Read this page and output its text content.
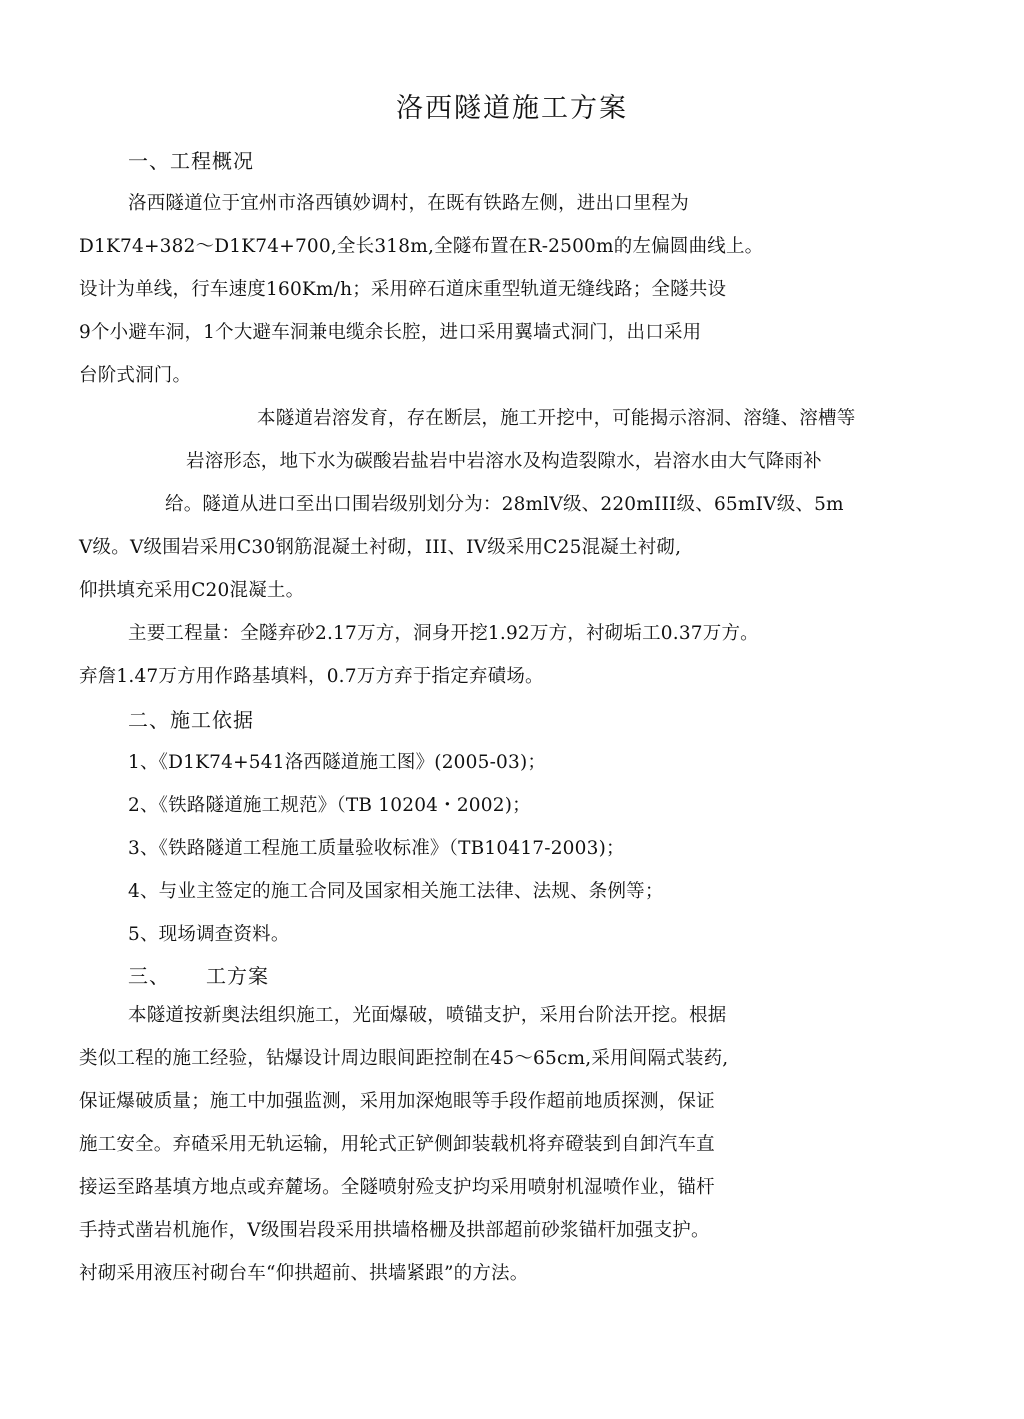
洛西隧道施工方案
一、工程概况
洛西隧道位于宜州市洛西镇妙调村，在既有铁路左侧，进出口里程为
D1K74+382～D1K74+700,全长318m,全隧布置在R-2500m的左偏圆曲线上。
设计为单线，行车速度160Km/h；采用碎石道床重型轨道无缝线路；全隧共设
9个小避车洞，1个大避车洞兼电缆余长腔，进口采用翼墙式洞门，出口采用
台阶式洞门。
本隧道岩溶发育，存在断层，施工开挖中，可能揭示溶洞、溶缝、溶槽等
岩溶形态，地下水为碳酸岩盐岩中岩溶水及构造裂隙水，岩溶水由大气降雨补
给。隧道从进口至出口围岩级别划分为：28mlⅤ级、220mIII级、65mIV级、5m
V级。V级围岩采用C30钢筋混凝土衬砌，III、IV级采用C25混凝土衬砌,
仰拱填充采用C20混凝土。
主要工程量：全隧弃砂2.17万方，洞身开挖1.92万方，衬砌垢工0.37万方。
弃詹1.47万方用作路基填料，0.7万方弃于指定弃磧场。
二、施工依据
1、《D1K74+541洛西隧道施工图》(2005-03)；
2、《铁路隧道施工规范》（TB 10204・2002)；
3、《铁路隧道工程施工质量验收标准》（TB10417-2003)；
4、与业主签定的施工合同及国家相关施工法律、法规、条例等；
5、现场调查资料。
三、 工方案
本隧道按新奥法组织施工，光面爆破，喷锚支护，采用台阶法开挖。根据
类似工程的施工经验，钻爆设计周边眼间距控制在45～65cm,采用间隔式装药,
保证爆破质量；施工中加强监测，采用加深炮眼等手段作超前地质探测，保证
施工安全。弃碴采用无轨运输，用轮式正铲侧卸装载机将弃磴装到自卸汽车直
接运至路基填方地点或弃麓场。全隧喷射殓支护均采用喷射机湿喷作业，锚杆
手持式凿岩机施作，V级围岩段采用拱墙格栅及拱部超前砂浆锚杆加强支护。
衬砌采用液压衬砌台车“仰拱超前、拱墙紧跟”的方法。
